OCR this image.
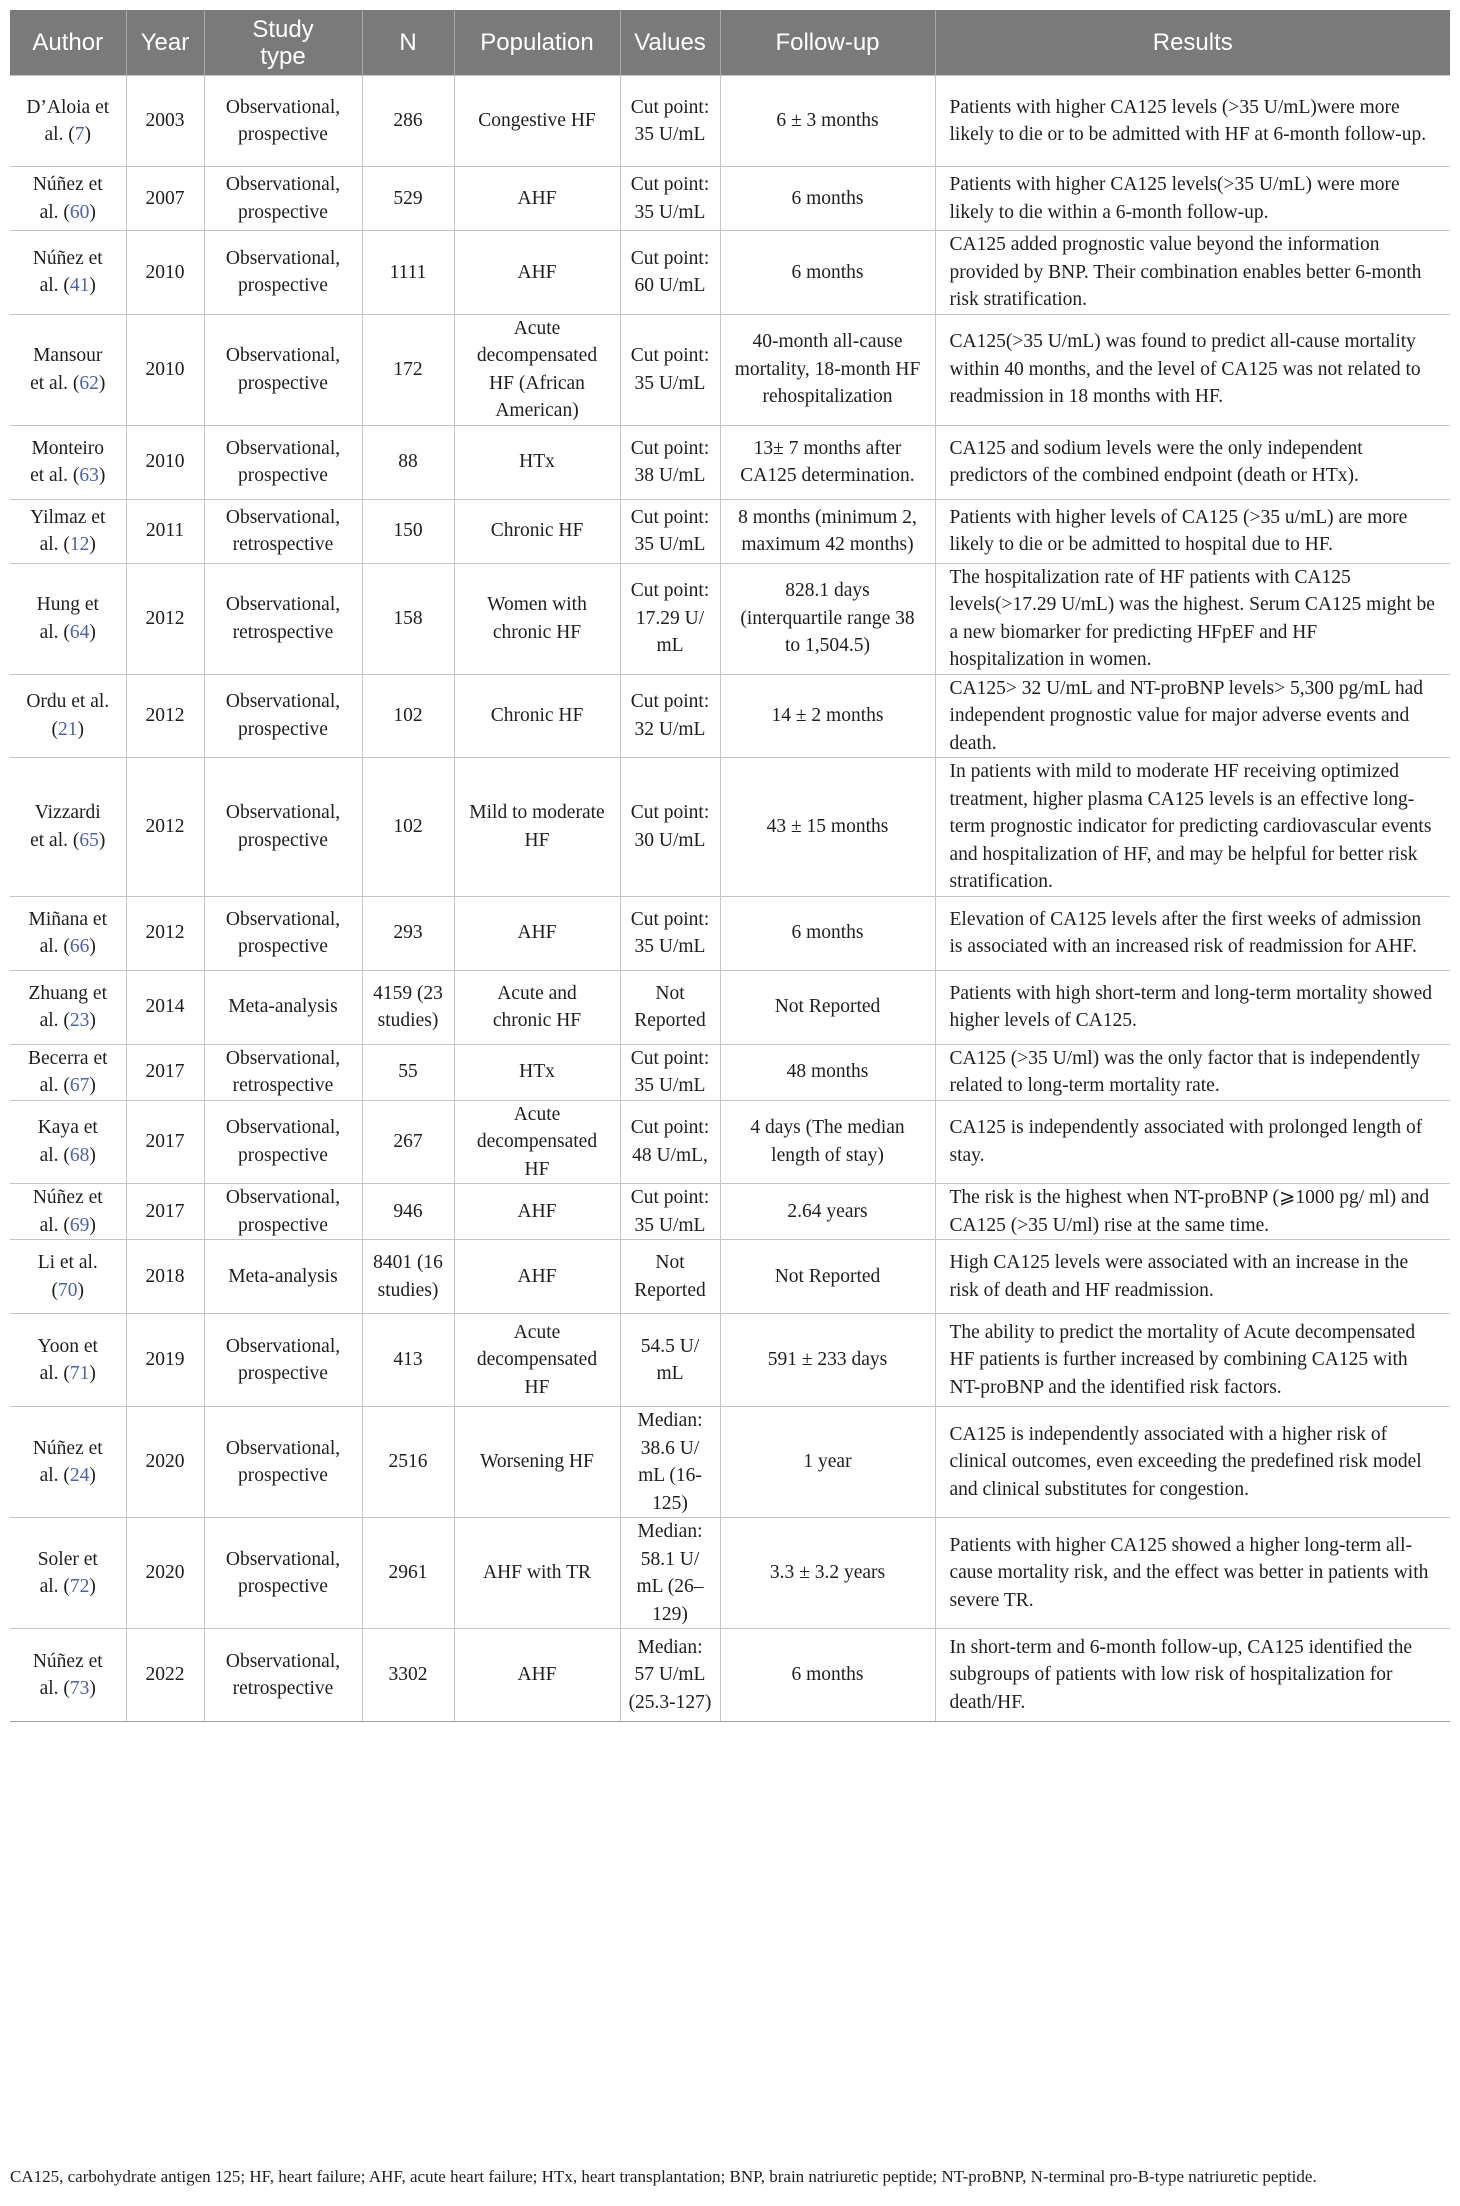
Author	Year	Study type	N	Population	Values	Follow-up	Results
D’Aloia et al. (7)	2003	Observational, prospective	286	Congestive HF	Cut point: 35 U/mL	6 ± 3 months	Patients with higher CA125 levels (>35 U/mL)were more likely to die or to be admitted with HF at 6-month follow-up.
Núñez et al. (60)	2007	Observational, prospective	529	AHF	Cut point: 35 U/mL	6 months	Patients with higher CA125 levels(>35 U/mL) were more likely to die within a 6-month follow-up.
Núñez et al. (41)	2010	Observational, prospective	1111	AHF	Cut point: 60 U/mL	6 months	CA125 added prognostic value beyond the information provided by BNP. Their combination enables better 6-month risk stratification.
Mansour et al. (62)	2010	Observational, prospective	172	Acute decompensated HF (African American)	Cut point: 35 U/mL	40-month all-cause mortality, 18-month HF rehospitalization	CA125(>35 U/mL) was found to predict all-cause mortality within 40 months, and the level of CA125 was not related to readmission in 18 months with HF.
Monteiro et al. (63)	2010	Observational, prospective	88	HTx	Cut point: 38 U/mL	13± 7 months after CA125 determination.	CA125 and sodium levels were the only independent predictors of the combined endpoint (death or HTx).
Yilmaz et al. (12)	2011	Observational, retrospective	150	Chronic HF	Cut point: 35 U/mL	8 months (minimum 2, maximum 42 months)	Patients with higher levels of CA125 (>35 u/mL) are more likely to die or be admitted to hospital due to HF.
Hung et al. (64)	2012	Observational, retrospective	158	Women with chronic HF	Cut point: 17.29 U/ mL	828.1 days (interquartile range 38 to 1,504.5)	The hospitalization rate of HF patients with CA125 levels(>17.29 U/mL) was the highest. Serum CA125 might be a new biomarker for predicting HFpEF and HF hospitalization in women.
Ordu et al. (21)	2012	Observational, prospective	102	Chronic HF	Cut point: 32 U/mL	14 ± 2 months	CA125> 32 U/mL and NT-proBNP levels> 5,300 pg/mL had independent prognostic value for major adverse events and death.
Vizzardi et al. (65)	2012	Observational, prospective	102	Mild to moderate HF	Cut point: 30 U/mL	43 ± 15 months	In patients with mild to moderate HF receiving optimized treatment, higher plasma CA125 levels is an effective long-term prognostic indicator for predicting cardiovascular events and hospitalization of HF, and may be helpful for better risk stratification.
Miñana et al. (66)	2012	Observational, prospective	293	AHF	Cut point: 35 U/mL	6 months	Elevation of CA125 levels after the first weeks of admission is associated with an increased risk of readmission for AHF.
Zhuang et al. (23)	2014	Meta-analysis	4159 (23 studies)	Acute and chronic HF	Not Reported	Not Reported	Patients with high short-term and long-term mortality showed higher levels of CA125.
Becerra et al. (67)	2017	Observational, retrospective	55	HTx	Cut point: 35 U/mL	48 months	CA125 (>35 U/ml) was the only factor that is independently related to long-term mortality rate.
Kaya et al. (68)	2017	Observational, prospective	267	Acute decompensated HF	Cut point: 48 U/mL,	4 days (The median length of stay)	CA125 is independently associated with prolonged length of stay.
Núñez et al. (69)	2017	Observational, prospective	946	AHF	Cut point: 35 U/mL	2.64 years	The risk is the highest when NT-proBNP (⩾1000 pg/ ml) and CA125 (>35 U/ml) rise at the same time.
Li et al. (70)	2018	Meta-analysis	8401 (16 studies)	AHF	Not Reported	Not Reported	High CA125 levels were associated with an increase in the risk of death and HF readmission.
Yoon et al. (71)	2019	Observational, prospective	413	Acute decompensated HF	54.5 U/ mL	591 ± 233 days	The ability to predict the mortality of Acute decompensated HF patients is further increased by combining CA125 with NT-proBNP and the identified risk factors.
Núñez et al. (24)	2020	Observational, prospective	2516	Worsening HF	Median: 38.6 U/ mL (16-125)	1 year	CA125 is independently associated with a higher risk of clinical outcomes, even exceeding the predefined risk model and clinical substitutes for congestion.
Soler et al. (72)	2020	Observational, prospective	2961	AHF with TR	Median: 58.1 U/ mL (26–129)	3.3 ± 3.2 years	Patients with higher CA125 showed a higher long-term all-cause mortality risk, and the effect was better in patients with severe TR.
Núñez et al. (73)	2022	Observational, retrospective	3302	AHF	Median: 57 U/mL (25.3-127)	6 months	In short-term and 6-month follow-up, CA125 identified the subgroups of patients with low risk of hospitalization for death/HF.
CA125, carbohydrate antigen 125; HF, heart failure; AHF, acute heart failure; HTx, heart transplantation; BNP, brain natriuretic peptide; NT-proBNP, N-terminal pro-B-type natriuretic peptide.
